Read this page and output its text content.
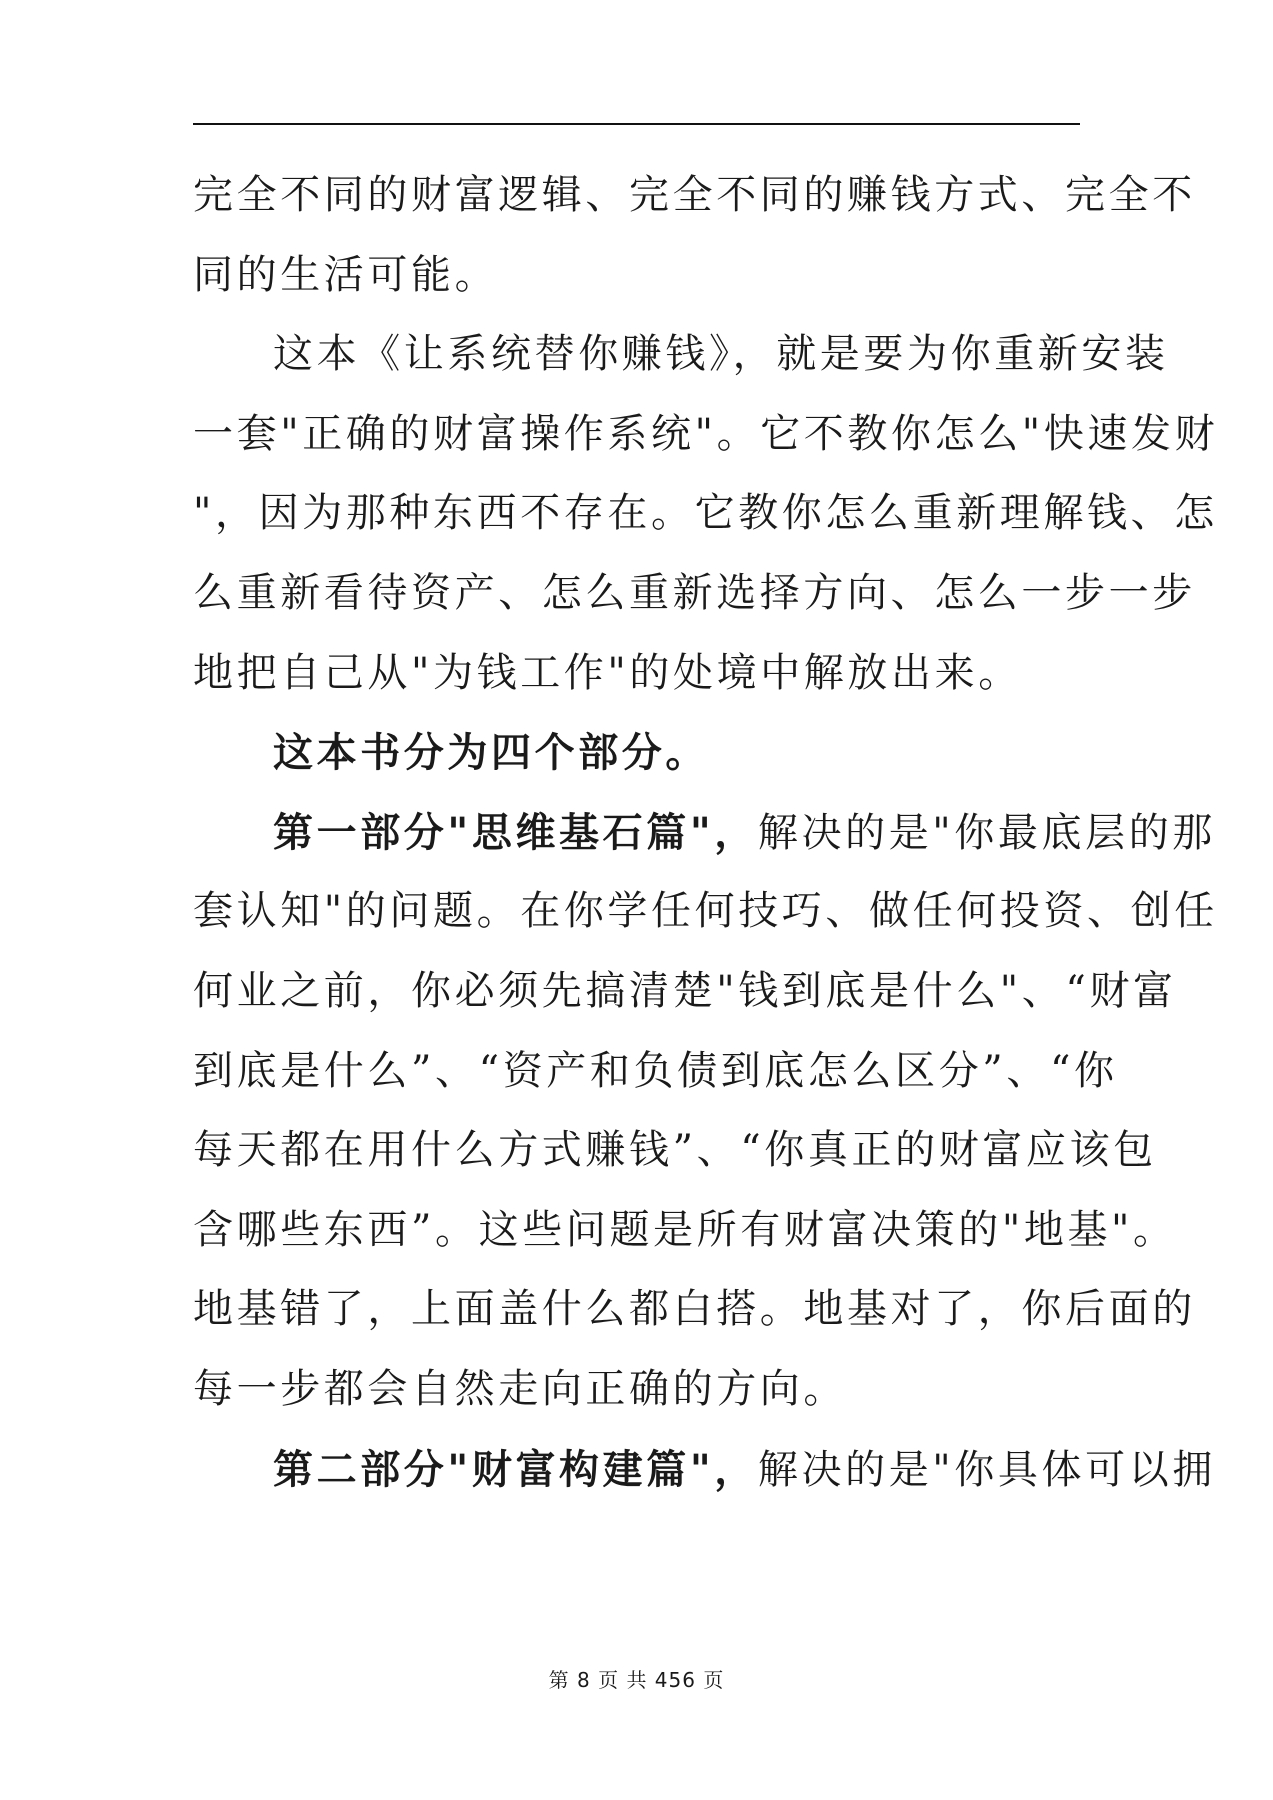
完全不同的财富逻辑、完全不同的赚钱方式、完全不
同的生活可能。
这本《让系统替你赚钱》，就是要为你重新安装
一套"正确的财富操作系统"。它不教你怎么"快速发财
"，因为那种东西不存在。它教你怎么重新理解钱、怎
么重新看待资产、怎么重新选择方向、怎么一步一步
地把自己从"为钱工作"的处境中解放出来。
这本书分为四个部分。
第一部分"思维基石篇"，解决的是"你最底层的那
套认知"的问题。在你学任何技巧、做任何投资、创任
何业之前，你必须先搞清楚"钱到底是什么"、“财富
到底是什么”、“资产和负债到底怎么区分”、“你
每天都在用什么方式赚钱”、“你真正的财富应该包
含哪些东西”。这些问题是所有财富决策的"地基"。
地基错了，上面盖什么都白搭。地基对了，你后面的
每一步都会自然走向正确的方向。
第二部分"财富构建篇"，解决的是"你具体可以拥
第 8 页 共 456 页
